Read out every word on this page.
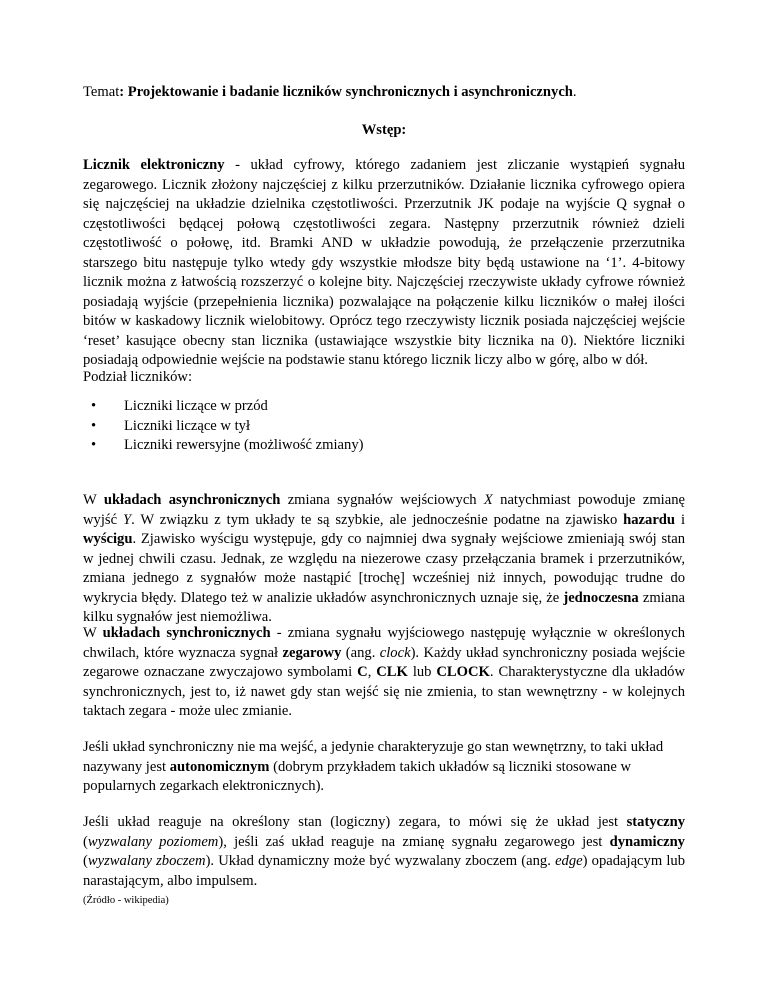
Temat: Projektowanie i badanie liczników synchronicznych i asynchronicznych.

Wstęp:

Licznik elektroniczny - układ cyfrowy, którego zadaniem jest zliczanie wystąpień sygnału zegarowego. Licznik złożony najczęściej z kilku przerzutników. Działanie licznika cyfrowego opiera się najczęściej na układzie dzielnika częstotliwości. Przerzutnik JK podaje na wyjście Q sygnał o częstotliwości będącej połową częstotliwości zegara. Następny przerzutnik również dzieli częstotliwość o połowę, itd. Bramki AND w układzie powodują, że przełączenie przerzutnika starszego bitu następuje tylko wtedy gdy wszystkie młodsze bity będą ustawione na ‘1’. 4-bitowy licznik można z łatwością rozszerzyć o kolejne bity. Najczęściej rzeczywiste układy cyfrowe również posiadają wyjście (przepełnienia licznika) pozwalające na połączenie kilku liczników o małej ilości bitów w kaskadowy licznik wielobitowy. Oprócz tego rzeczywisty licznik posiada najczęściej wejście ‘reset’ kasujące obecny stan licznika (ustawiające wszystkie bity licznika na 0). Niektóre liczniki posiadają odpowiednie wejście na podstawie stanu którego licznik liczy albo w górę, albo w dół.

Podział liczników:

• Liczniki liczące w przód
• Liczniki liczące w tył
• Liczniki rewersyjne (możliwość zmiany)

W układach asynchronicznych zmiana sygnałów wejściowych X natychmiast powoduje zmianę wyjść Y. W związku z tym układy te są szybkie, ale jednocześnie podatne na zjawisko hazardu i wyścigu. Zjawisko wyścigu występuje, gdy co najmniej dwa sygnały wejściowe zmieniają swój stan w jednej chwili czasu. Jednak, ze względu na niezerowe czasy przełączania bramek i przerzutników, zmiana jednego z sygnałów może nastąpić [trochę] wcześniej niż innych, powodując trudne do wykrycia błędy. Dlatego też w analizie układów asynchronicznych uznaje się, że jednoczesna zmiana kilku sygnałów jest niemożliwa.

W układach synchronicznych - zmiana sygnału wyjściowego następuję wyłącznie w określonych chwilach, które wyznacza sygnał zegarowy (ang. clock). Każdy układ synchroniczny posiada wejście zegarowe oznaczane zwyczajowo symbolami C, CLK lub CLOCK. Charakterystyczne dla układów synchronicznych, jest to, iż nawet gdy stan wejść się nie zmienia, to stan wewnętrzny - w kolejnych taktach zegara - może ulec zmianie.

Jeśli układ synchroniczny nie ma wejść, a jedynie charakteryzuje go stan wewnętrzny, to taki układ nazywany jest autonomicznym (dobrym przykładem takich układów są liczniki stosowane w popularnych zegarkach elektronicznych).

Jeśli układ reaguje na określony stan (logiczny) zegara, to mówi się że układ jest statyczny (wyzwalany poziomem), jeśli zaś układ reaguje na zmianę sygnału zegarowego jest dynamiczny (wyzwalany zboczem). Układ dynamiczny może być wyzwalany zboczem (ang. edge) opadającym lub narastającym, albo impulsem.

(Źródło - wikipedia)
